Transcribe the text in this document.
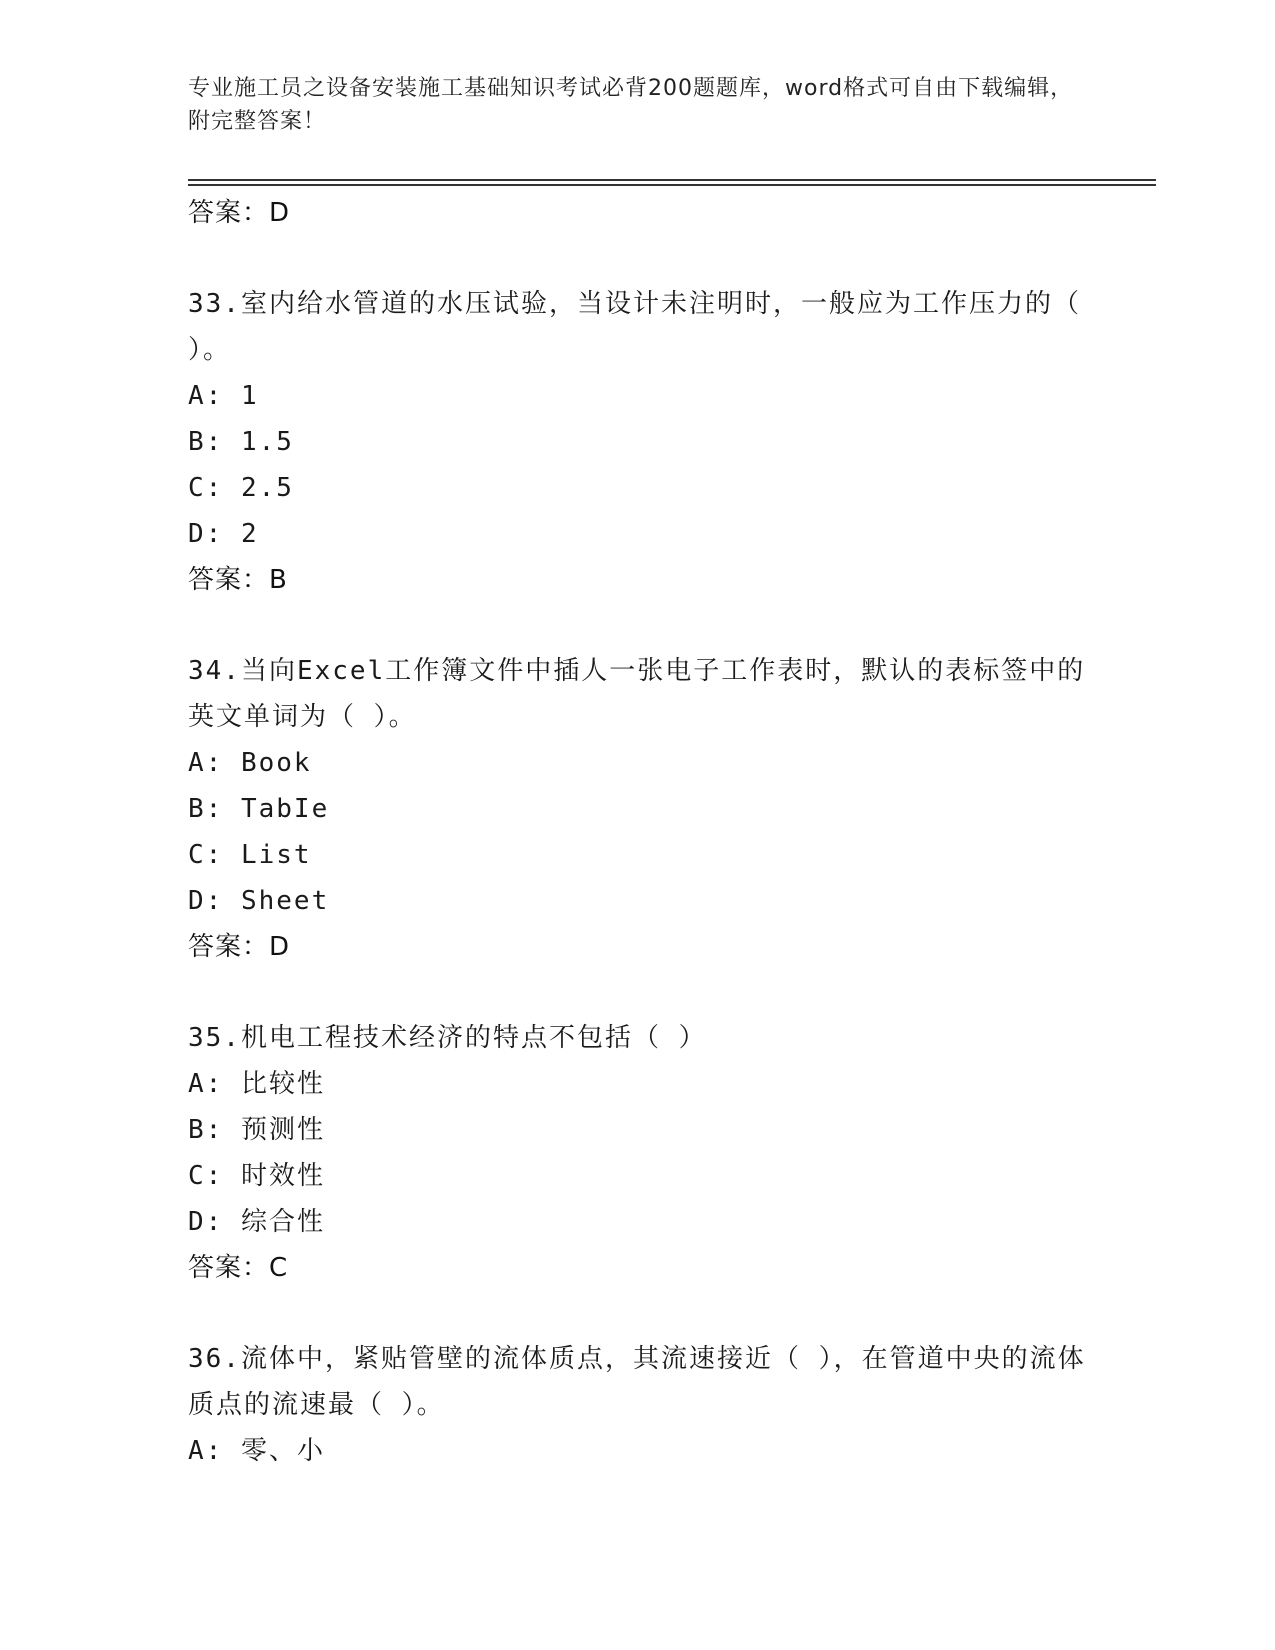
专业施工员之设备安装施工基础知识考试必背200题题库，word格式可自由下载编辑，附完整答案！
答案：D
33.室内给水管道的水压试验，当设计未注明时，一般应为工作压力的（ ）。
A: 1
B: 1.5
C: 2.5
D: 2
答案：B
34.当向Excel工作簿文件中插人一张电子工作表时，默认的表标签中的英文单词为（ ）。
A: Book
B: TabIe
C: List
D: Sheet
答案：D
35.机电工程技术经济的特点不包括（ ）
A: 比较性
B: 预测性
C: 时效性
D: 综合性
答案：C
36.流体中，紧贴管壁的流体质点，其流速接近（ ），在管道中央的流体质点的流速最（ ）。
A: 零、小
